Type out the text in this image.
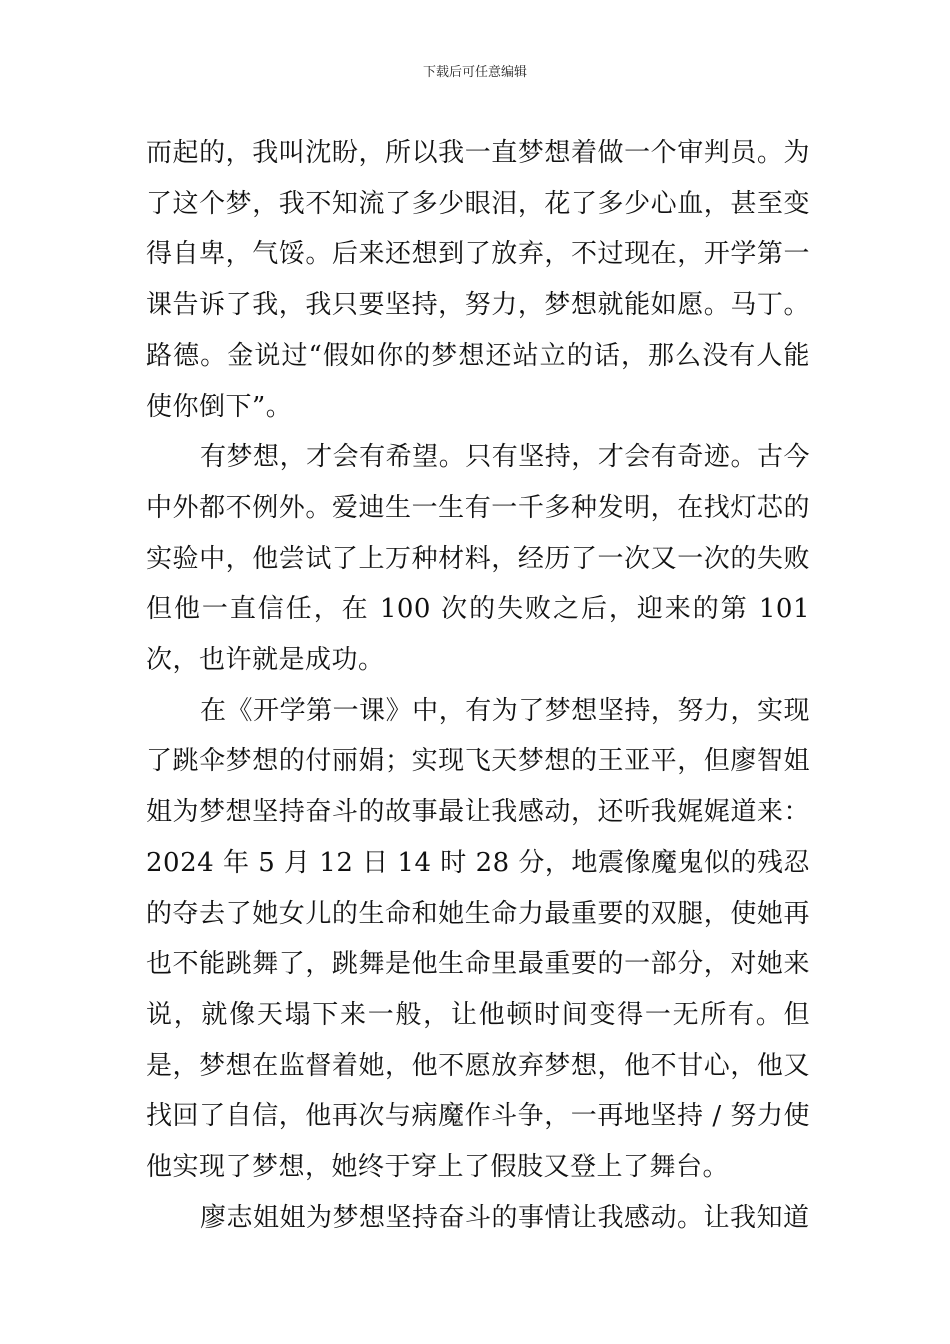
下载后可任意编辑

而起的，我叫沈盼，所以我一直梦想着做一个审判员。为了这个梦，我不知流了多少眼泪，花了多少心血，甚至变得自卑，气馁。后来还想到了放弃，不过现在，开学第一课告诉了我，我只要坚持，努力，梦想就能如愿。马丁。路德。金说过“假如你的梦想还站立的话，那么没有人能使你倒下”。

有梦想，才会有希望。只有坚持，才会有奇迹。古今中外都不例外。爱迪生一生有一千多种发明，在找灯芯的实验中，他尝试了上万种材料，经历了一次又一次的失败但他一直信任，在 100 次的失败之后，迎来的第 101 次，也许就是成功。

在《开学第一课》中，有为了梦想坚持，努力，实现了跳伞梦想的付丽娟；实现飞天梦想的王亚平，但廖智姐姐为梦想坚持奋斗的故事最让我感动，还听我娓娓道来：2024 年 5 月 12 日 14 时 28 分，地震像魔鬼似的残忍的夺去了她女儿的生命和她生命力最重要的双腿，使她再也不能跳舞了，跳舞是他生命里最重要的一部分，对她来说，就像天塌下来一般，让他顿时间变得一无所有。但是，梦想在监督着她，他不愿放弃梦想，他不甘心，他又找回了自信，他再次与病魔作斗争，一再地坚持 / 努力使他实现了梦想，她终于穿上了假肢又登上了舞台。

廖志姐姐为梦想坚持奋斗的事情让我感动。让我知道
